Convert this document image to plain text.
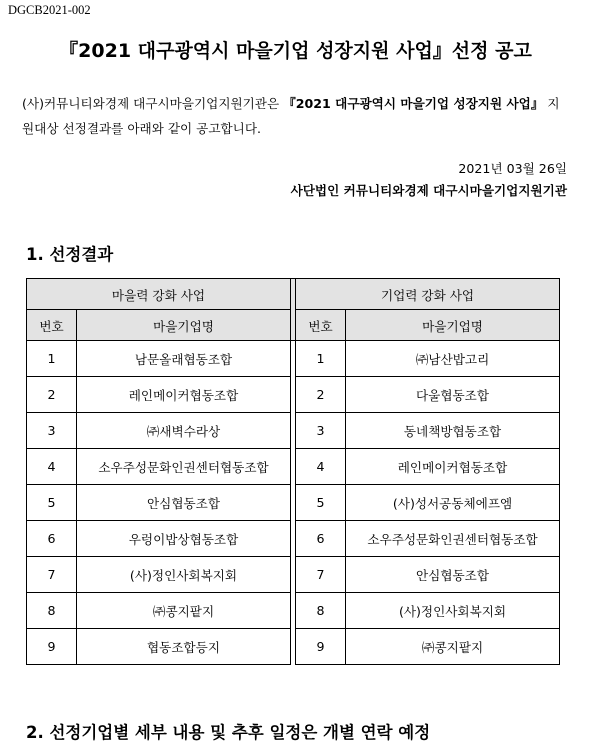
DGCB2021-002
『2021 대구광역시 마을기업 성장지원 사업』선정 공고
(사)커뮤니티와경제 대구시마을기업지원기관은 『2021 대구광역시 마을기업 성장지원 사업』 지원대상 선정결과를 아래와 같이 공고합니다.
2021년 03월 26일
사단법인 커뮤니티와경제 대구시마을기업지원기관
1. 선정결과
마을력 강화 사업			기업력 강화 사업	
번호	마을기업명		번호	마을기업명
1	남문올래협동조합		1	㈜남산밥고리
2	레인메이커협동조합		2	다울협동조합
3	㈜새벽수라상		3	동네책방협동조합
4	소우주성문화인권센터협동조합		4	레인메이커협동조합
5	안심협동조합		5	(사)성서공동체에프엠
6	우렁이밥상협동조합		6	소우주성문화인권센터협동조합
7	(사)정인사회복지회		7	안심협동조합
8	㈜콩지팥지		8	(사)정인사회복지회
9	협동조합등지		9	㈜콩지팥지
2. 선정기업별 세부 내용 및 추후 일정은 개별 연락 예정
